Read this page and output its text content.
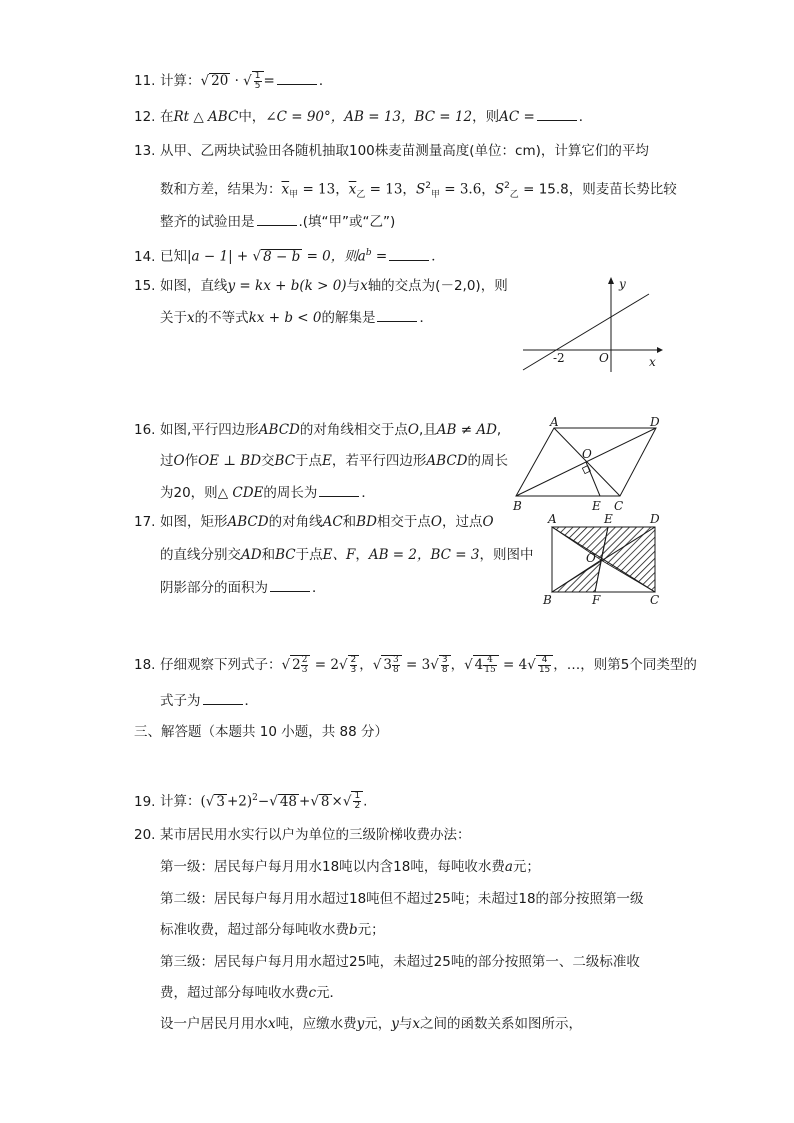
11. 计算：√ 20 · √ $\frac{1}{5}$ =	．
12. 在Rt △ ABC中，∠C = 90°，AB = 13，BC = 12，则AC =	．
13. 从甲、乙两块试验田各随机抽取100株麦苗测量高度(单位：cm)，计算它们的平均
数和方差，结果为：$\overline{x}_甲 = 13$，$\overline{x}_乙 = 13$，$S^2_甲 = 3.6$，$S^2_乙 = 15.8$，则麦苗长势比较
整齐的试验田是	.(填“甲”或“乙”)
14. 已知|a − 1| + √ 8 − b = 0，则$a^b$ =	．
15. 如图，直线y = kx + b(k > 0)与x轴的交点为(－2,0)，则
关于x的不等式kx + b < 0的解集是	．
y
x
O
-2
16. 如图,平行四边形ABCD的对角线相交于点O,且AB ≠ AD,
过O作OE ⊥ BD交BC于点E，若平行四边形ABCD的周长
为20，则△ CDE的周长为	．
A	D
B	C
E
O
17. 如图，矩形ABCD的对角线AC和BD相交于点O，过点O
的直线分别交AD和BC于点E、F，AB = 2，BC = 3，则图中
阴影部分的面积为	．
A	E	D
B	F	C
O
18. 仔细观察下列式子：√ $2 \frac{2}{3} = 2√ \frac{2}{3}$ ，√ $3 \frac{3}{8} = 3√ \frac{3}{8}$ ，√ $4 \frac{4}{15} = 4√ \frac{4}{15}$ ，…，则第5个同类型的
式子为	．
三、解答题（本题共 10 小题，共 88 分）
19. 计算：(√ 3 +2)$^2$−√ 48 +√ 8 ×√ $\frac{1}{2}$ .
20. 某市居民用水实行以户为单位的三级阶梯收费办法：
第一级：居民每户每月用水18吨以内含18吨，每吨收水费a元；
第二级：居民每户每月用水超过18吨但不超过25吨；未超过18的部分按照第一级
标准收费，超过部分每吨收水费b元；
第三级：居民每户每月用水超过25吨，未超过25吨的部分按照第一、二级标准收
费，超过部分每吨收水费c元．
设一户居民月用水x吨，应缴水费y元，y与x之间的函数关系如图所示，
